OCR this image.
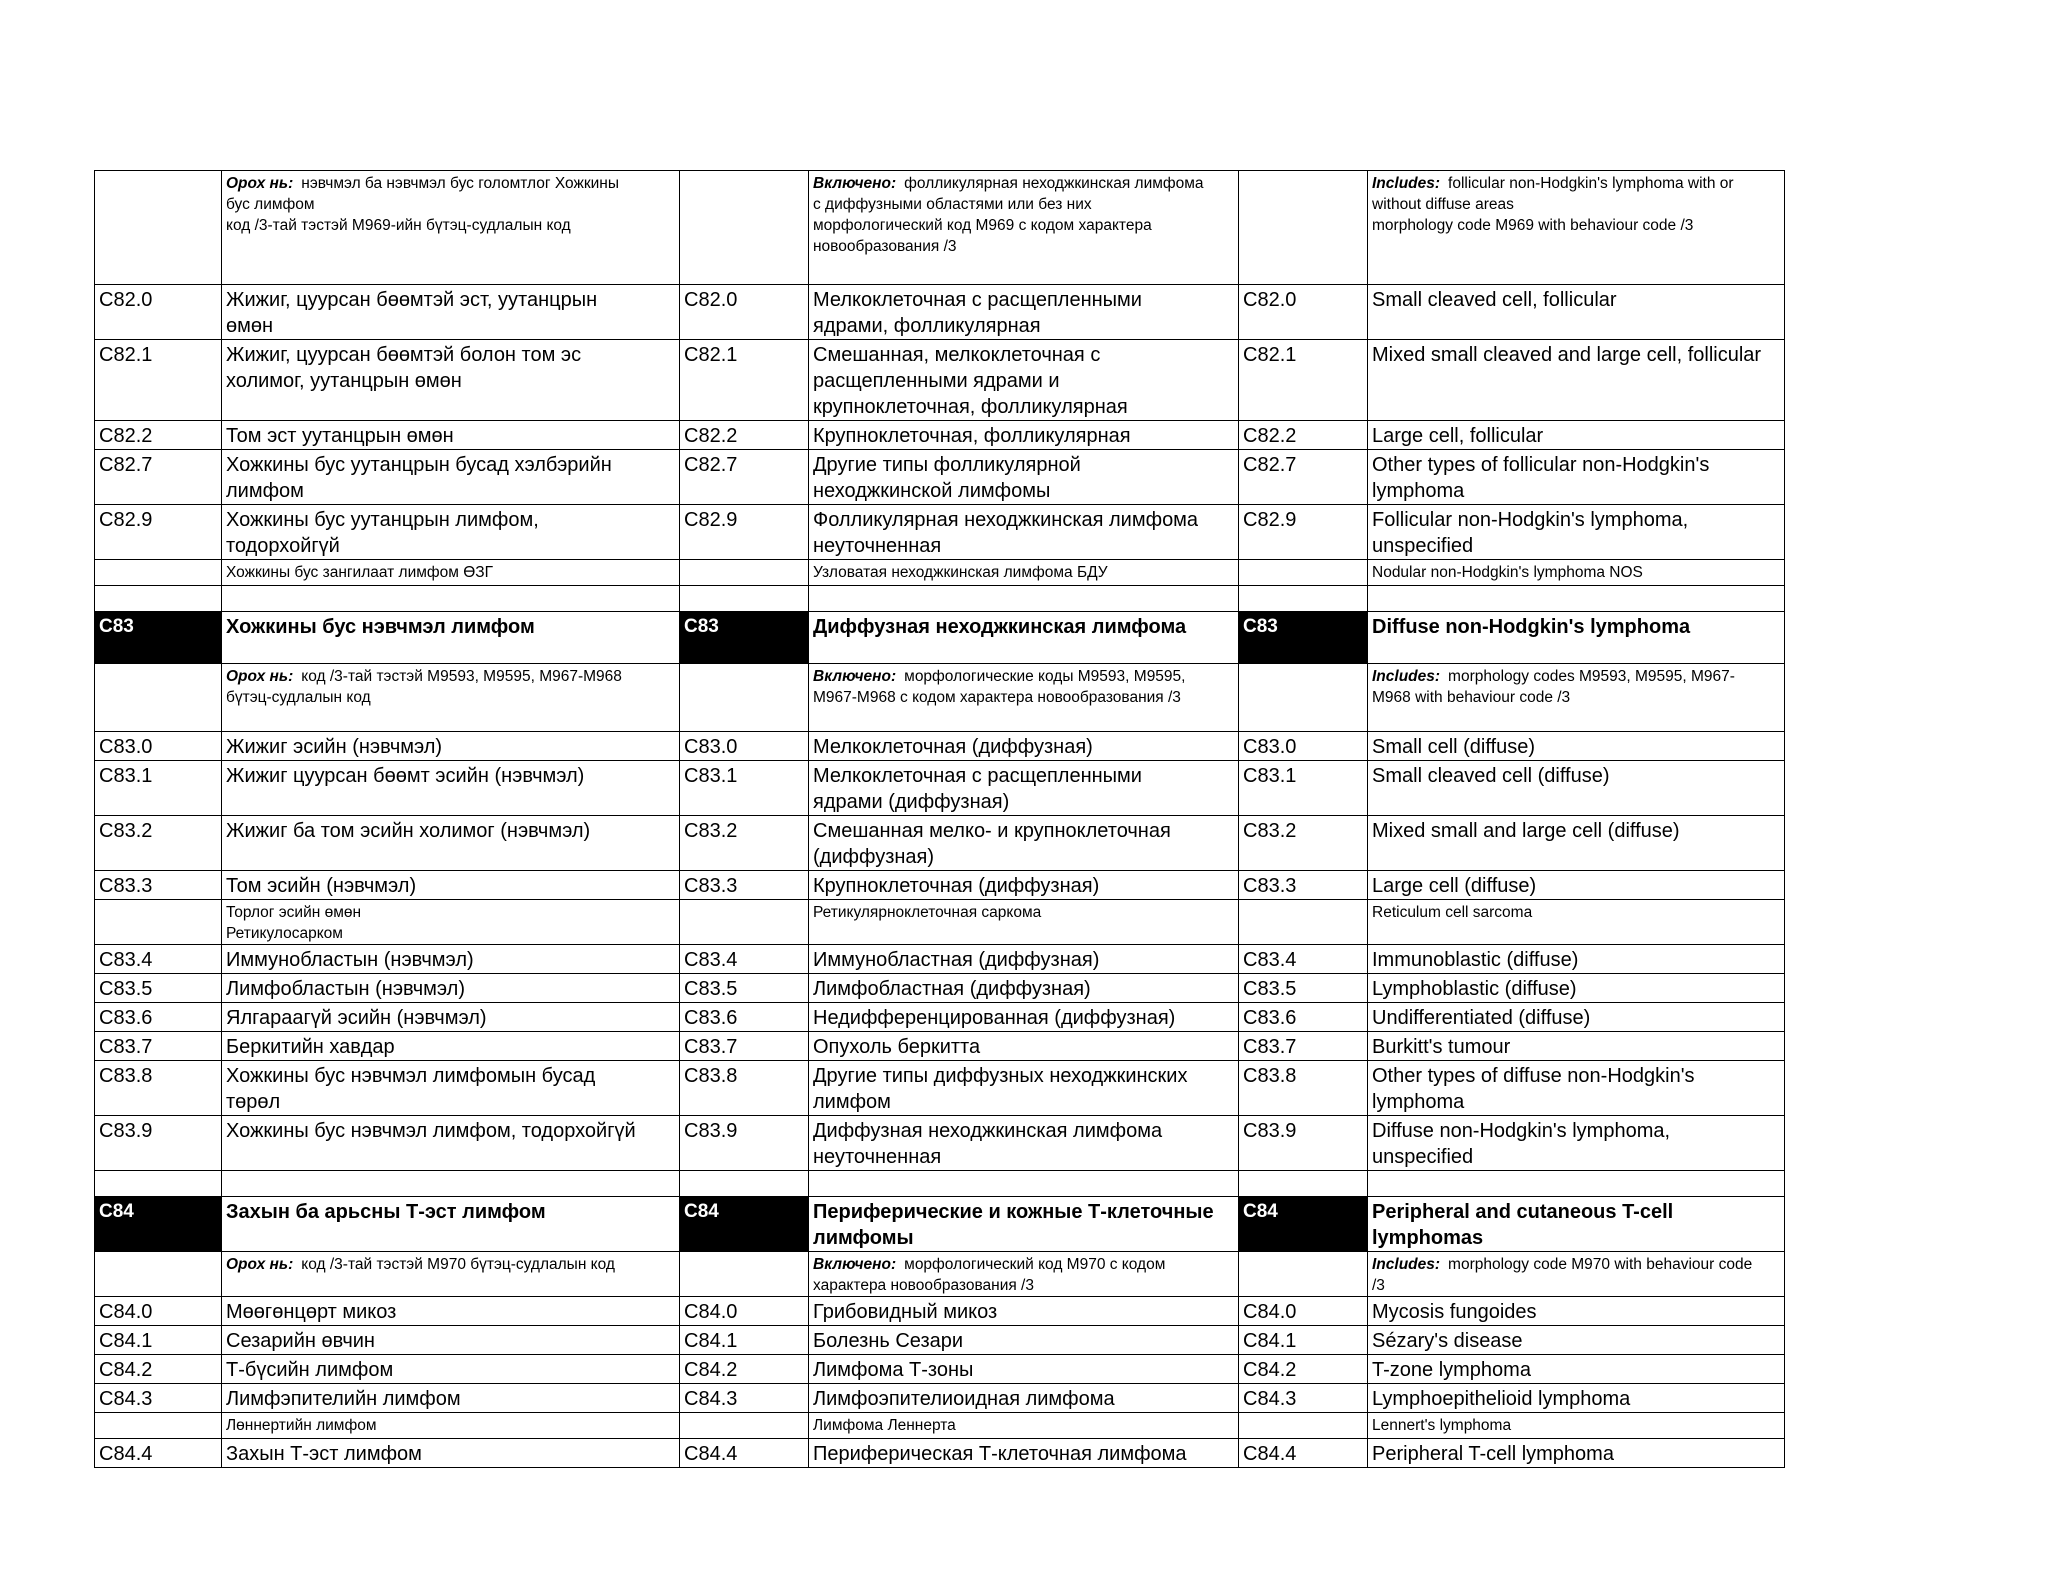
	Орох нь: нэвчмэл ба нэвчмэл бус голомтлог Хожкины
бус лимфом
код /3-тай тэстэй M969-ийн бүтэц-судлалын код		Включено: фолликулярная неходжкинская лимфома
с диффузными областями или без них
морфологический код M969 с кодом характера
новообразования /3		Includes: follicular non-Hodgkin's lymphoma with or
without diffuse areas
morphology code M969 with behaviour code /3
C82.0	Жижиг, цуурсан бөөмтэй эст, уутанцрын
өмөн	C82.0	Мелкоклеточная с расщепленными
ядрами, фолликулярная	C82.0	Small cleaved cell, follicular
C82.1	Жижиг, цуурсан бөөмтэй болон том эс
холимог, уутанцрын өмөн	C82.1	Смешанная, мелкоклеточная с
расщепленными ядрами и
крупноклеточная, фолликулярная	C82.1	Mixed small cleaved and large cell, follicular
C82.2	Том эст уутанцрын өмөн	C82.2	Крупноклеточная, фолликулярная	C82.2	Large cell, follicular
C82.7	Хожкины бус уутанцрын бусад хэлбэрийн
лимфом	C82.7	Другие типы фолликулярной
неходжкинской лимфомы	C82.7	Other types of follicular non-Hodgkin's
lymphoma
C82.9	Хожкины бус уутанцрын лимфом,
тодорхойгүй	C82.9	Фолликулярная неходжкинская лимфома
неуточненная	C82.9	Follicular non-Hodgkin's lymphoma,
unspecified
	Хожкины бус зангилаат лимфом ӨЗГ		Узловатая неходжкинская лимфома БДУ		Nodular non-Hodgkin's lymphoma NOS

C83	Хожкины бус нэвчмэл лимфом	C83	Диффузная неходжкинская лимфома	C83	Diffuse non-Hodgkin's lymphoma
	Орох нь: код /3-тай тэстэй M9593, M9595, M967-M968
бүтэц-судлалын код		Включено: морфологические коды M9593, M9595,
M967-M968 с кодом характера новообразования /3		Includes: morphology codes M9593, M9595, M967-
M968 with behaviour code /3
C83.0	Жижиг эсийн (нэвчмэл)	C83.0	Мелкоклеточная (диффузная)	C83.0	Small cell (diffuse)
C83.1	Жижиг цуурсан бөөмт эсийн (нэвчмэл)	C83.1	Мелкоклеточная с расщепленными
ядрами (диффузная)	C83.1	Small cleaved cell (diffuse)
C83.2	Жижиг ба том эсийн холимог (нэвчмэл)	C83.2	Смешанная мелко- и крупноклеточная
(диффузная)	C83.2	Mixed small and large cell (diffuse)
C83.3	Том эсийн (нэвчмэл)	C83.3	Крупноклеточная (диффузная)	C83.3	Large cell (diffuse)
	Торлог эсийн өмөн
Ретикулосарком		Ретикулярноклеточная саркома		Reticulum cell sarcoma
C83.4	Иммунобластын (нэвчмэл)	C83.4	Иммунобластная (диффузная)	C83.4	Immunoblastic (diffuse)
C83.5	Лимфобластын (нэвчмэл)	C83.5	Лимфобластная (диффузная)	C83.5	Lymphoblastic (diffuse)
C83.6	Ялгараагүй эсийн (нэвчмэл)	C83.6	Недифференцированная (диффузная)	C83.6	Undifferentiated (diffuse)
C83.7	Беркитийн хавдар	C83.7	Опухоль беркитта	C83.7	Burkitt's tumour
C83.8	Хожкины бус нэвчмэл лимфомын бусад
төрөл	C83.8	Другие типы диффузных неходжкинских
лимфом	C83.8	Other types of diffuse non-Hodgkin's
lymphoma
C83.9	Хожкины бус нэвчмэл лимфом, тодорхойгүй	C83.9	Диффузная неходжкинская лимфома
неуточненная	C83.9	Diffuse non-Hodgkin's lymphoma,
unspecified

C84	Захын ба арьсны Т-эст лимфом	C84	Периферические и кожные Т-клеточные
лимфомы	C84	Peripheral and cutaneous T-cell
lymphomas
	Орох нь: код /3-тай тэстэй M970 бүтэц-судлалын код		Включено: морфологический код M970 с кодом
характера новообразования /3		Includes: morphology code M970 with behaviour code
/3
C84.0	Мөөгөнцөрт микоз	C84.0	Грибовидный микоз	C84.0	Mycosis fungoides
C84.1	Сезарийн өвчин	C84.1	Болезнь Сезари	C84.1	Sézary's disease
C84.2	Т-бүсийн лимфом	C84.2	Лимфома Т-зоны	C84.2	T-zone lymphoma
C84.3	Лимфэпителийн лимфом	C84.3	Лимфоэпителиоидная лимфома	C84.3	Lymphoepithelioid lymphoma
	Лөннертийн лимфом		Лимфома Леннерта		Lennert's lymphoma
C84.4	Захын Т-эст лимфом	C84.4	Периферическая Т-клеточная лимфома	C84.4	Peripheral T-cell lymphoma
